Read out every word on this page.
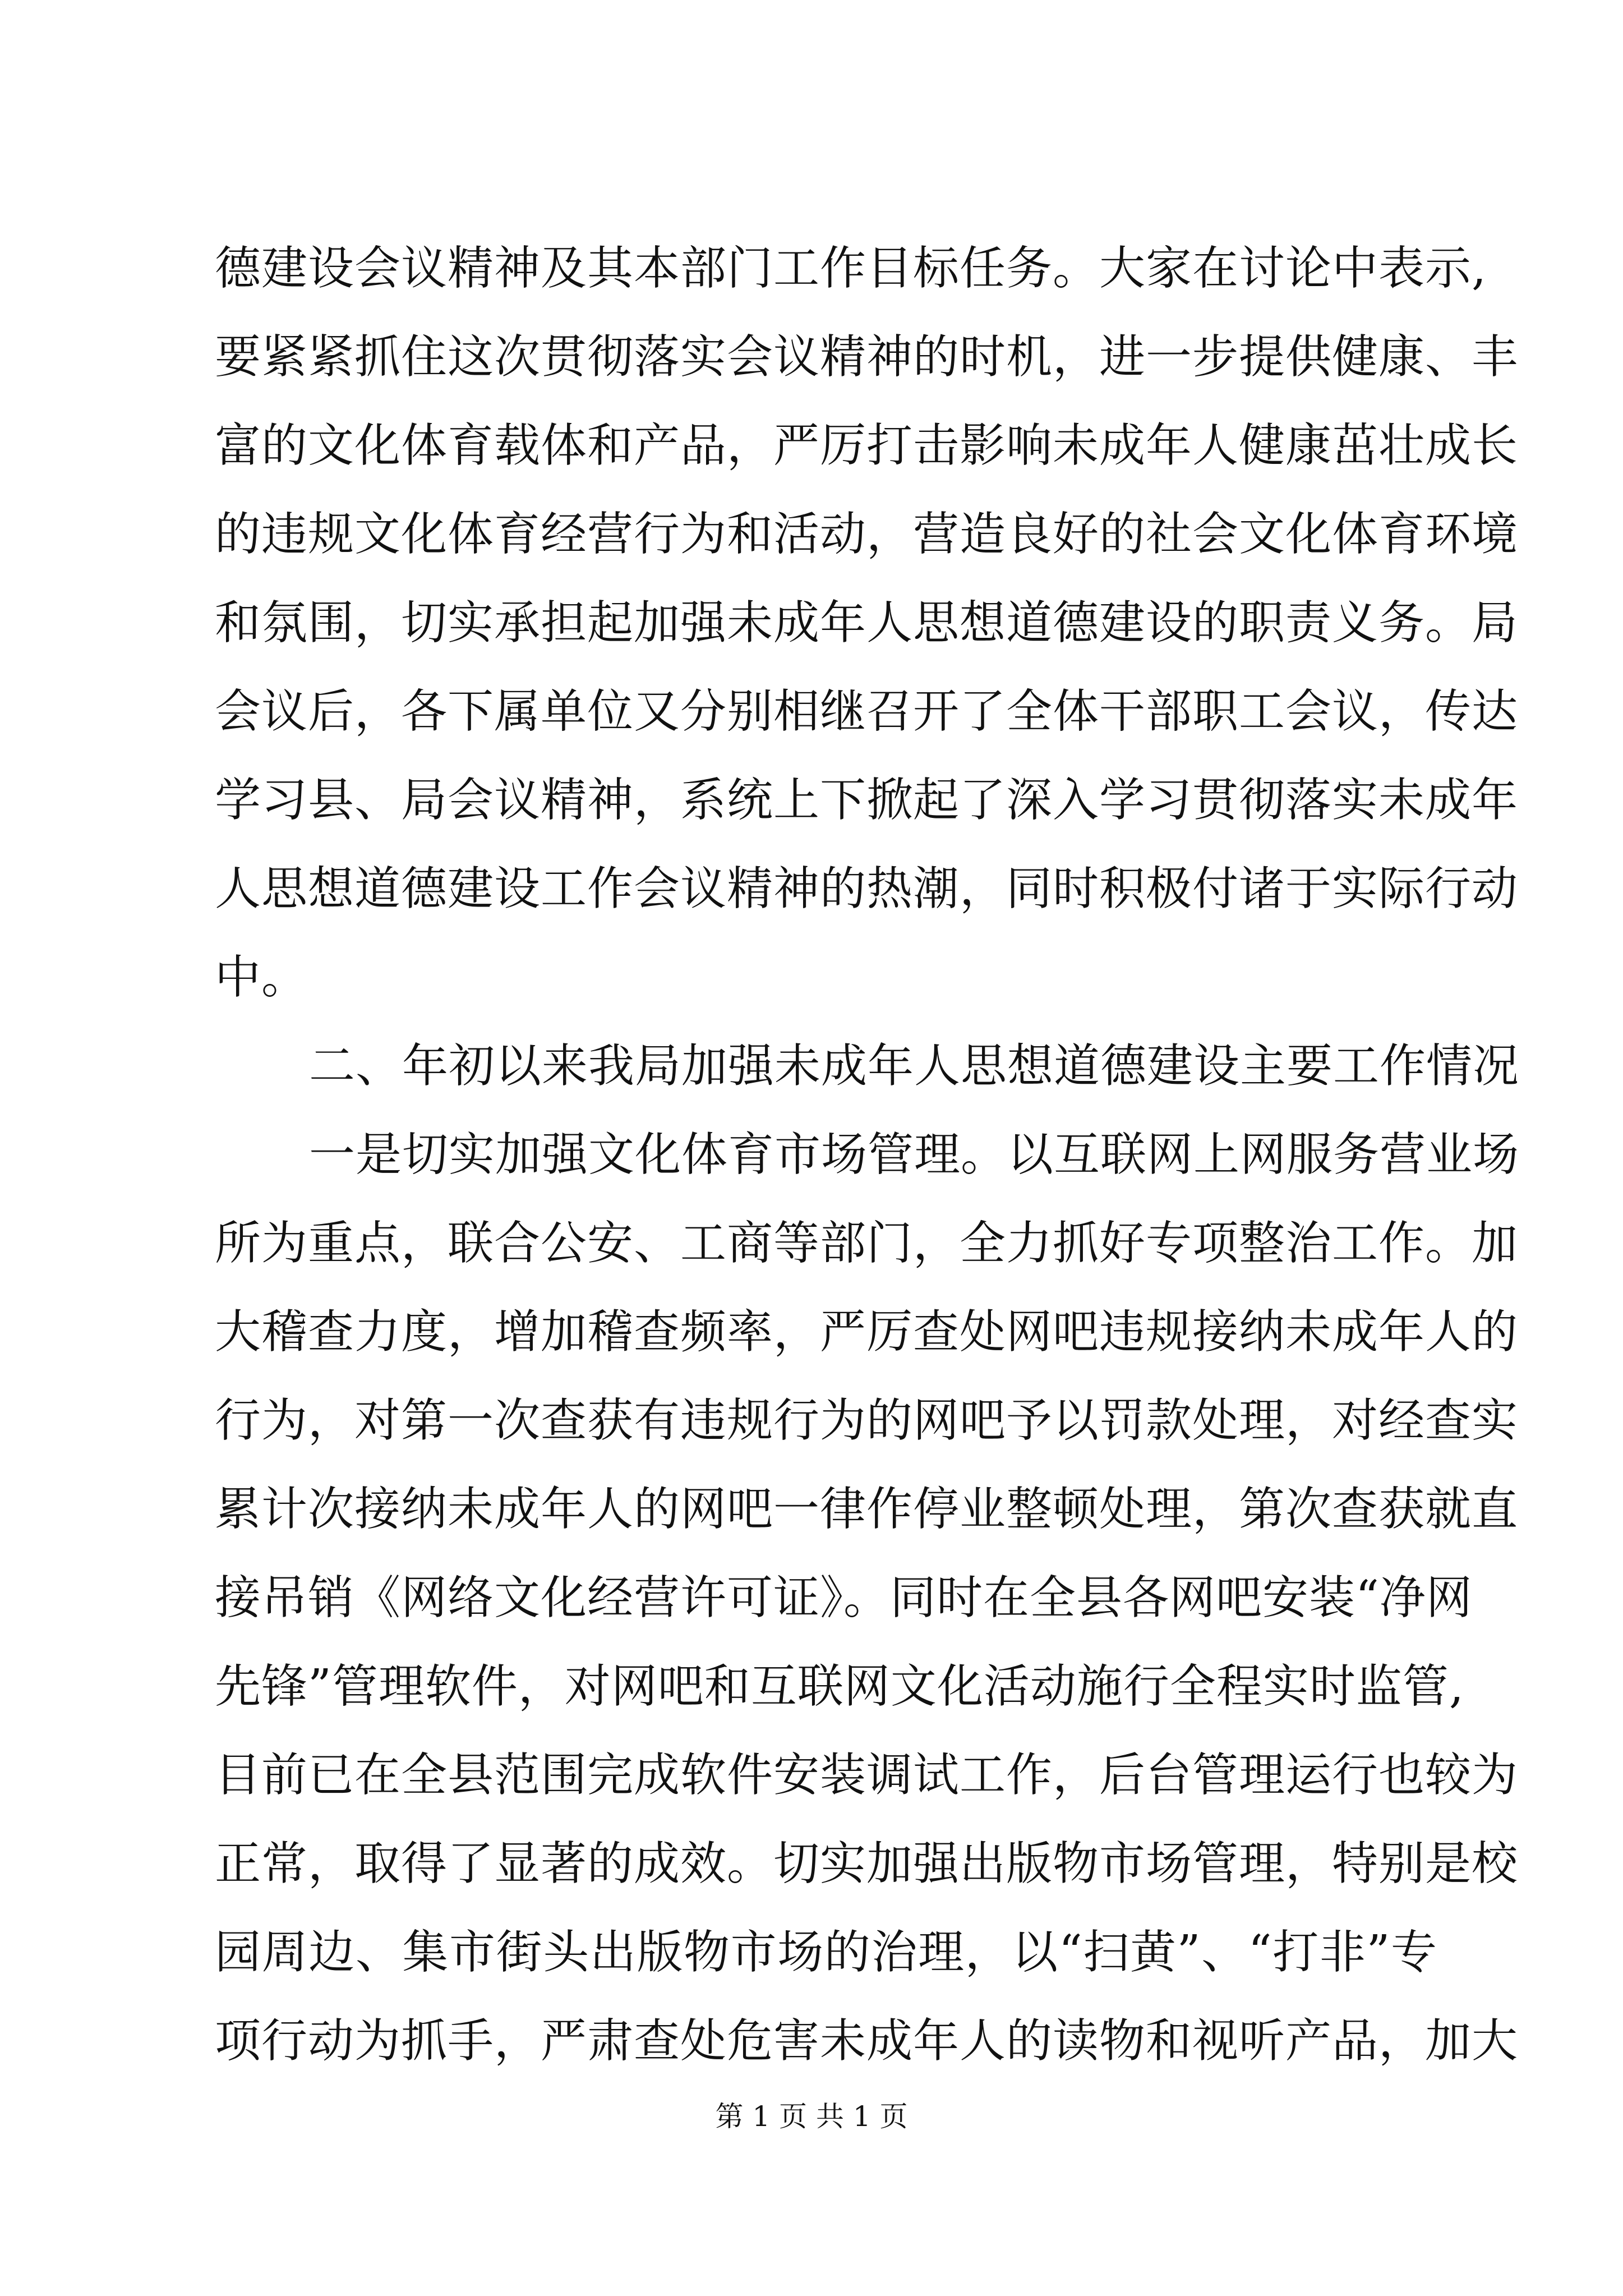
德建设会议精神及其本部门工作目标任务。大家在讨论中表示,
要紧紧抓住这次贯彻落实会议精神的时机，进一步提供健康、丰
富的文化体育载体和产品，严厉打击影响未成年人健康茁壮成长
的违规文化体育经营行为和活动，营造良好的社会文化体育环境
和氛围，切实承担起加强未成年人思想道德建设的职责义务。局
会议后，各下属单位又分别相继召开了全体干部职工会议，传达
学习县、局会议精神，系统上下掀起了深入学习贯彻落实未成年
人思想道德建设工作会议精神的热潮，同时积极付诸于实际行动
中。
二、年初以来我局加强未成年人思想道德建设主要工作情况
一是切实加强文化体育市场管理。以互联网上网服务营业场
所为重点，联合公安、工商等部门，全力抓好专项整治工作。加
大稽查力度，增加稽查频率，严厉查处网吧违规接纳未成年人的
行为，对第一次查获有违规行为的网吧予以罚款处理，对经查实
累计次接纳未成年人的网吧一律作停业整顿处理，第次查获就直
接吊销《网络文化经营许可证》。同时在全县各网吧安装“净网
先锋”管理软件，对网吧和互联网文化活动施行全程实时监管,
目前已在全县范围完成软件安装调试工作，后台管理运行也较为
正常，取得了显著的成效。切实加强出版物市场管理，特别是校
园周边、集市街头出版物市场的治理，以“扫黄”、“打非”专
项行动为抓手，严肃查处危害未成年人的读物和视听产品，加大
第 1 页 共 1 页
